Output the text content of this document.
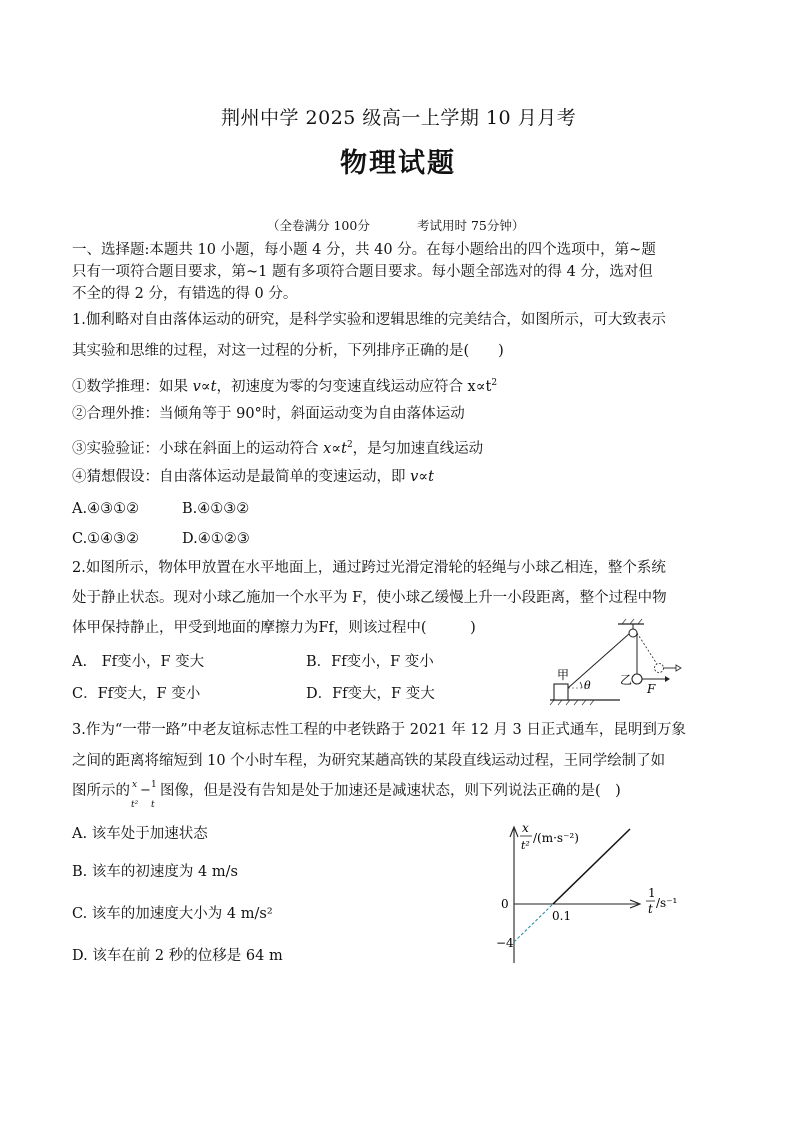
荆州中学 2025 级高一上学期 10 月月考
物理试题
（全卷满分 100分	考试用时 75分钟）
一、选择题:本题共 10 小题，每小题 4 分，共 40 分。在每小题给出的四个选项中，第~题
只有一项符合题目要求，第~1 题有多项符合题目要求。每小题全部选对的得 4 分，选对但
不全的得 2 分，有错选的得 0 分。
1.伽利略对自由落体运动的研究，是科学实验和逻辑思维的完美结合，如图所示，可大致表示
其实验和思维的过程，对这一过程的分析，下列排序正确的是(　　)
①数学推理：如果 v∝t，初速度为零的匀变速直线运动应符合 $x\propto t^2$
②合理外推：当倾角等于 90°时，斜面运动变为自由落体运动
③实验验证：小球在斜面上的运动符合 $x\propto t^2$，是匀加速直线运动
④猜想假设：自由落体运动是最简单的变速运动，即 v∝t
A.④③①②	B.④①③②
C.①④③②	D.④①②③
2.如图所示，物体甲放置在水平地面上，通过跨过光滑定滑轮的轻绳与小球乙相连，整个系统
处于静止状态。现对小球乙施加一个水平为 F，使小球乙缓慢上升一小段距离，整个过程中物
体甲保持静止，甲受到地面的摩擦力为Ff，则该过程中(　　　)
A.　Ff变小，F 变大	B．Ff变小，F 变小
C．Ff变大，F 变小	D．Ff变大，F 变大
甲
θ 乙
F
3.作为“一带一路”中老友谊标志性工程的中老铁路于 2021 年 12 月 3 日正式通车，昆明到万象
之间的距离将缩短到 10 个小时车程，为研究某趟高铁的某段直线运动过程，王同学绘制了如
图所示的 x
t²
− 1
t
图像，但是没有告知是处于加速还是减速状态，则下列说法正确的是(　)
A. 该车处于加速状态
B. 该车的初速度为 4 m/s
C. 该车的加速度大小为 4 m/s²
D. 该车在前 2 秒的位移是 64 m
x
t²
/(m·s⁻²)
1
t /s⁻¹
0
0.1
−4
